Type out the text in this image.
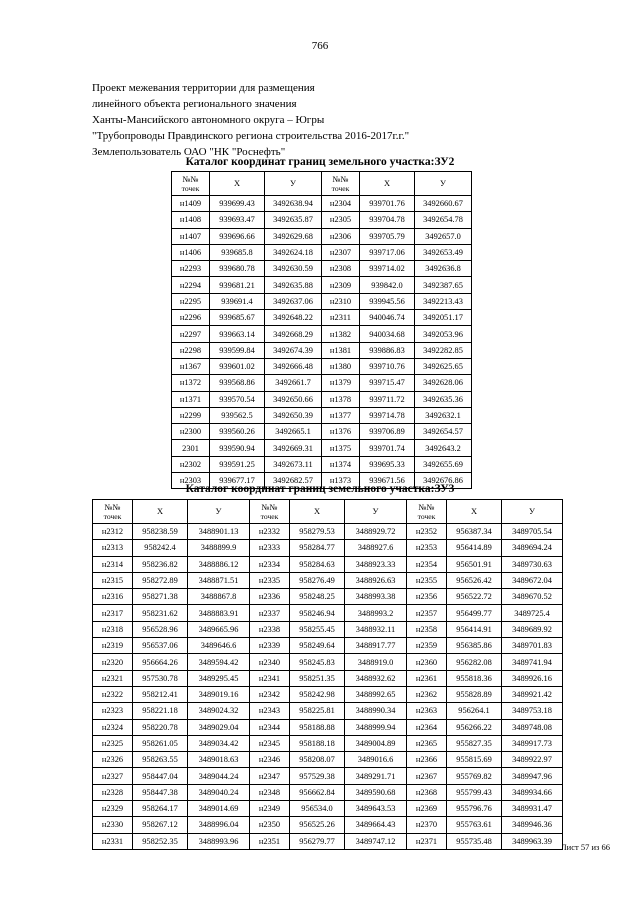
766
Проект межевания территории для размещения
линейного объекта регионального значения
Ханты-Мансийского автономного округа – Югры
"Трубопроводы Правдинского региона строительства 2016-2017г.г."
Землепользователь ОАО "НК "Роснефть"
Каталог координат границ земельного участка:ЗУ2
№№
точек	X	У	№№
точек	X	У
н1409	939699.43	3492638.94	н2304	939701.76	3492660.67
н1408	939693.47	3492635.87	н2305	939704.78	3492654.78
н1407	939696.66	3492629.68	н2306	939705.79	3492657.0
н1406	939685.8	3492624.18	н2307	939717.06	3492653.49
н2293	939680.78	3492630.59	н2308	939714.02	3492636.8
н2294	939681.21	3492635.88	н2309	939842.0	3492387.65
н2295	939691.4	3492637.06	н2310	939945.56	3492213.43
н2296	939685.67	3492648.22	н2311	940046.74	3492051.17
н2297	939663.14	3492668.29	н1382	940034.68	3492053.96
н2298	939599.84	3492674.39	н1381	939886.83	3492282.85
н1367	939601.02	3492666.48	н1380	939710.76	3492625.65
н1372	939568.86	3492661.7	н1379	939715.47	3492628.06
н1371	939570.54	3492650.66	н1378	939711.72	3492635.36
н2299	939562.5	3492650.39	н1377	939714.78	3492632.1
н2300	939560.26	3492665.1	н1376	939706.89	3492654.57
2301	939590.94	3492669.31	н1375	939701.74	3492643.2
н2302	939591.25	3492673.11	н1374	939695.33	3492655.69
н2303	939677.17	3492682.57	н1373	939671.56	3492676.86
Каталог координат границ земельного участка:ЗУ3
№№
точек	X	У	№№
точек	X	У	№№
точек	X	У
н2312	958238.59	3488901.13	н2332	958279.53	3488929.72	н2352	956387.34	3489705.54
н2313	958242.4	3488899.9	н2333	958284.77	3488927.6	н2353	956414.89	3489694.24
н2314	958236.82	3488886.12	н2334	958284.63	3488923.33	н2354	956501.91	3489730.63
н2315	958272.89	3488871.51	н2335	958276.49	3488926.63	н2355	956526.42	3489672.04
н2316	958271.38	3488867.8	н2336	958248.25	3488993.38	н2356	956522.72	3489670.52
н2317	958231.62	3488883.91	н2337	958246.94	3488993.2	н2357	956499.77	3489725.4
н2318	956528.96	3489665.96	н2338	958255.45	3488932.11	н2358	956414.91	3489689.92
н2319	956537.06	3489646.6	н2339	958249.64	3488917.77	н2359	956385.86	3489701.83
н2320	956664.26	3489594.42	н2340	958245.83	3488919.0	н2360	956282.08	3489741.94
н2321	957530.78	3489295.45	н2341	958251.35	3488932.62	н2361	955818.36	3489926.16
н2322	958212.41	3489019.16	н2342	958242.98	3488992.65	н2362	955828.89	3489921.42
н2323	958221.18	3489024.32	н2343	958225.81	3488990.34	н2363	956264.1	3489753.18
н2324	958220.78	3489029.04	н2344	958188.88	3488999.94	н2364	956266.22	3489748.08
н2325	958261.05	3489034.42	н2345	958188.18	3489004.89	н2365	955827.35	3489917.73
н2326	958263.55	3489018.63	н2346	958208.07	3489016.6	н2366	955815.69	3489922.97
н2327	958447.04	3489044.24	н2347	957529.38	3489291.71	н2367	955769.82	3489947.96
н2328	958447.38	3489040.24	н2348	956662.84	3489590.68	н2368	955799.43	3489934.66
н2329	958264.17	3489014.69	н2349	956534.0	3489643.53	н2369	955796.76	3489931.47
н2330	958267.12	3488996.04	н2350	956525.26	3489664.43	н2370	955763.61	3489946.36
н2331	958252.35	3488993.96	н2351	956279.77	3489747.12	н2371	955735.48	3489963.39
Лист 57 из 66
